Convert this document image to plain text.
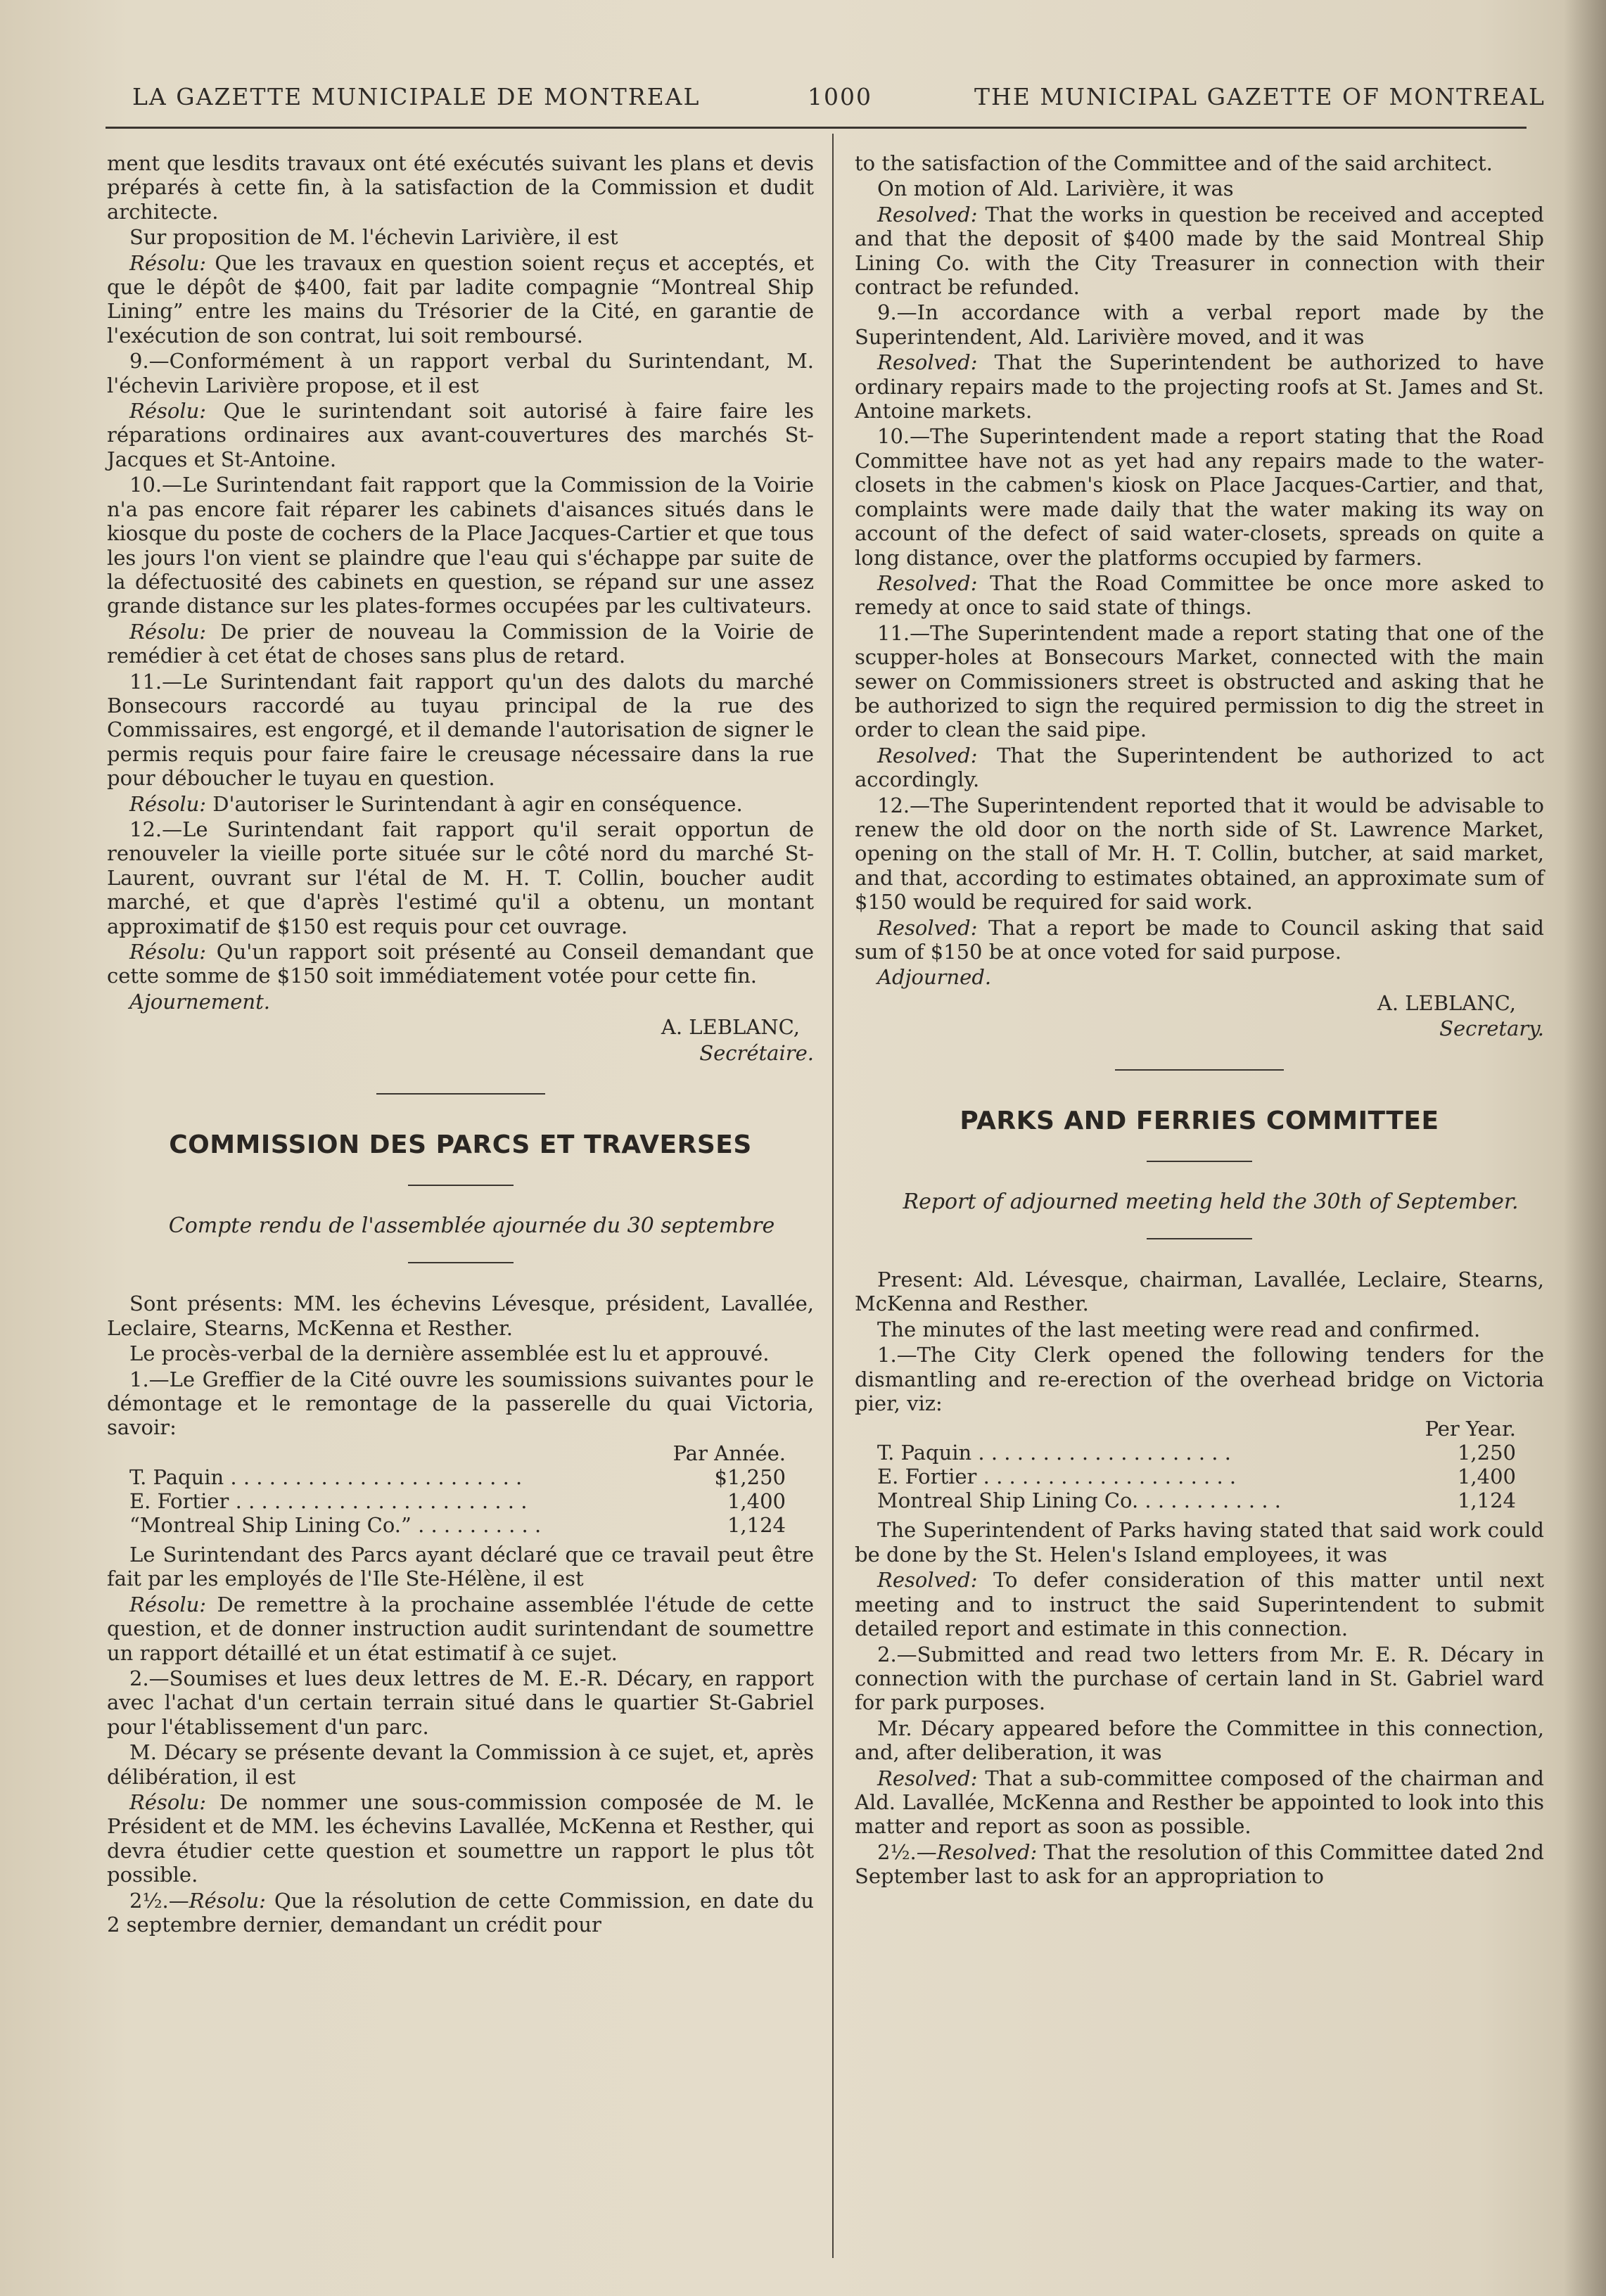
LA GAZETTE MUNICIPALE DE MONTREAL	1000	THE MUNICIPAL GAZETTE OF MONTREAL

ment que lesdits travaux ont été exécutés suivant les plans et devis préparés à cette fin, à la satisfaction de la Commission et dudit architecte.

Sur proposition de M. l'échevin Larivière, il est

Résolu: Que les travaux en question soient reçus et acceptés, et que le dépôt de $400, fait par ladite compagnie “Montreal Ship Lining” entre les mains du Trésorier de la Cité, en garantie de l'exécution de son contrat, lui soit remboursé.

9.—Conformément à un rapport verbal du Surintendant, M. l'échevin Larivière propose, et il est

Résolu: Que le surintendant soit autorisé à faire faire les réparations ordinaires aux avant-couvertures des marchés St-Jacques et St-Antoine.

10.—Le Surintendant fait rapport que la Commission de la Voirie n'a pas encore fait réparer les cabinets d'aisances situés dans le kiosque du poste de cochers de la Place Jacques-Cartier et que tous les jours l'on vient se plaindre que l'eau qui s'échappe par suite de la défectuosité des cabinets en question, se répand sur une assez grande distance sur les plates-formes occupées par les cultivateurs.

Résolu: De prier de nouveau la Commission de la Voirie de remédier à cet état de choses sans plus de retard.

11.—Le Surintendant fait rapport qu'un des dalots du marché Bonsecours raccordé au tuyau principal de la rue des Commissaires, est engorgé, et il demande l'autorisation de signer le permis requis pour faire faire le creusage nécessaire dans la rue pour déboucher le tuyau en question.

Résolu: D'autoriser le Surintendant à agir en conséquence.

12.—Le Surintendant fait rapport qu'il serait opportun de renouveler la vieille porte située sur le côté nord du marché St-Laurent, ouvrant sur l'étal de M. H. T. Collin, boucher audit marché, et que d'après l'estimé qu'il a obtenu, un montant approximatif de $150 est requis pour cet ouvrage.

Résolu: Qu'un rapport soit présenté au Conseil demandant que cette somme de $150 soit immédiatement votée pour cette fin.

Ajournement.

A. LEBLANC,

Secrétaire.

COMMISSION DES PARCS ET TRAVERSES

Compte rendu de l'assemblée ajournée du 30 septembre

Sont présents: MM. les échevins Lévesque, président, Lavallée, Leclaire, Stearns, McKenna et Resther.

Le procès-verbal de la dernière assemblée est lu et approuvé.

1.—Le Greffier de la Cité ouvre les soumissions suivantes pour le démontage et le remontage de la passerelle du quai Victoria, savoir:

Par Année.	
T. Paquin . . . . . . . . . . . . . . . . . . . . . . .	$1,250
E. Fortier . . . . . . . . . . . . . . . . . . . . . . .	1,400
“Montreal Ship Lining Co.” . . . . . . . . . .	1,124

Le Surintendant des Parcs ayant déclaré que ce travail peut être fait par les employés de l'Ile Ste-Hélène, il est

Résolu: De remettre à la prochaine assemblée l'étude de cette question, et de donner instruction audit surintendant de soumettre un rapport détaillé et un état estimatif à ce sujet.

2.—Soumises et lues deux lettres de M. E.-R. Décary, en rapport avec l'achat d'un certain terrain situé dans le quartier St-Gabriel pour l'établissement d'un parc.

M. Décary se présente devant la Commission à ce sujet, et, après délibération, il est

Résolu: De nommer une sous-commission composée de M. le Président et de MM. les échevins Lavallée, McKenna et Resther, qui devra étudier cette question et soumettre un rapport le plus tôt possible.

2½.—Résolu: Que la résolution de cette Commission, en date du 2 septembre dernier, demandant un crédit pour

to the satisfaction of the Committee and of the said architect.

On motion of Ald. Larivière, it was

Resolved: That the works in question be received and accepted and that the deposit of $400 made by the said Montreal Ship Lining Co. with the City Treasurer in connection with their contract be refunded.

9.—In accordance with a verbal report made by the Superintendent, Ald. Larivière moved, and it was

Resolved: That the Superintendent be authorized to have ordinary repairs made to the projecting roofs at St. James and St. Antoine markets.

10.—The Superintendent made a report stating that the Road Committee have not as yet had any repairs made to the water-closets in the cabmen's kiosk on Place Jacques-Cartier, and that, complaints were made daily that the water making its way on account of the defect of said water-closets, spreads on quite a long distance, over the platforms occupied by farmers.

Resolved: That the Road Committee be once more asked to remedy at once to said state of things.

11.—The Superintendent made a report stating that one of the scupper-holes at Bonsecours Market, connected with the main sewer on Commissioners street is obstructed and asking that he be authorized to sign the required permission to dig the street in order to clean the said pipe.

Resolved: That the Superintendent be authorized to act accordingly.

12.—The Superintendent reported that it would be advisable to renew the old door on the north side of St. Lawrence Market, opening on the stall of Mr. H. T. Collin, butcher, at said market, and that, according to estimates obtained, an approximate sum of $150 would be required for said work.

Resolved: That a report be made to Council asking that said sum of $150 be at once voted for said purpose.

Adjourned.

A. LEBLANC,

Secretary.

PARKS AND FERRIES COMMITTEE

Report of adjourned meeting held the 30th of September.

Present: Ald. Lévesque, chairman, Lavallée, Leclaire, Stearns, McKenna and Resther.

The minutes of the last meeting were read and confirmed.

1.—The City Clerk opened the following tenders for the dismantling and re-erection of the overhead bridge on Victoria pier, viz:

Per Year.	
T. Paquin . . . . . . . . . . . . . . . . . . . .	1,250
E. Fortier . . . . . . . . . . . . . . . . . . . .	1,400
Montreal Ship Lining Co. . . . . . . . . . . .	1,124

The Superintendent of Parks having stated that said work could be done by the St. Helen's Island employees, it was

Resolved: To defer consideration of this matter until next meeting and to instruct the said Superintendent to submit detailed report and estimate in this connection.

2.—Submitted and read two letters from Mr. E. R. Décary in connection with the purchase of certain land in St. Gabriel ward for park purposes.

Mr. Décary appeared before the Committee in this connection, and, after deliberation, it was

Resolved: That a sub-committee composed of the chairman and Ald. Lavallée, McKenna and Resther be appointed to look into this matter and report as soon as possible.

2½.—Resolved: That the resolution of this Committee dated 2nd September last to ask for an appropriation to
